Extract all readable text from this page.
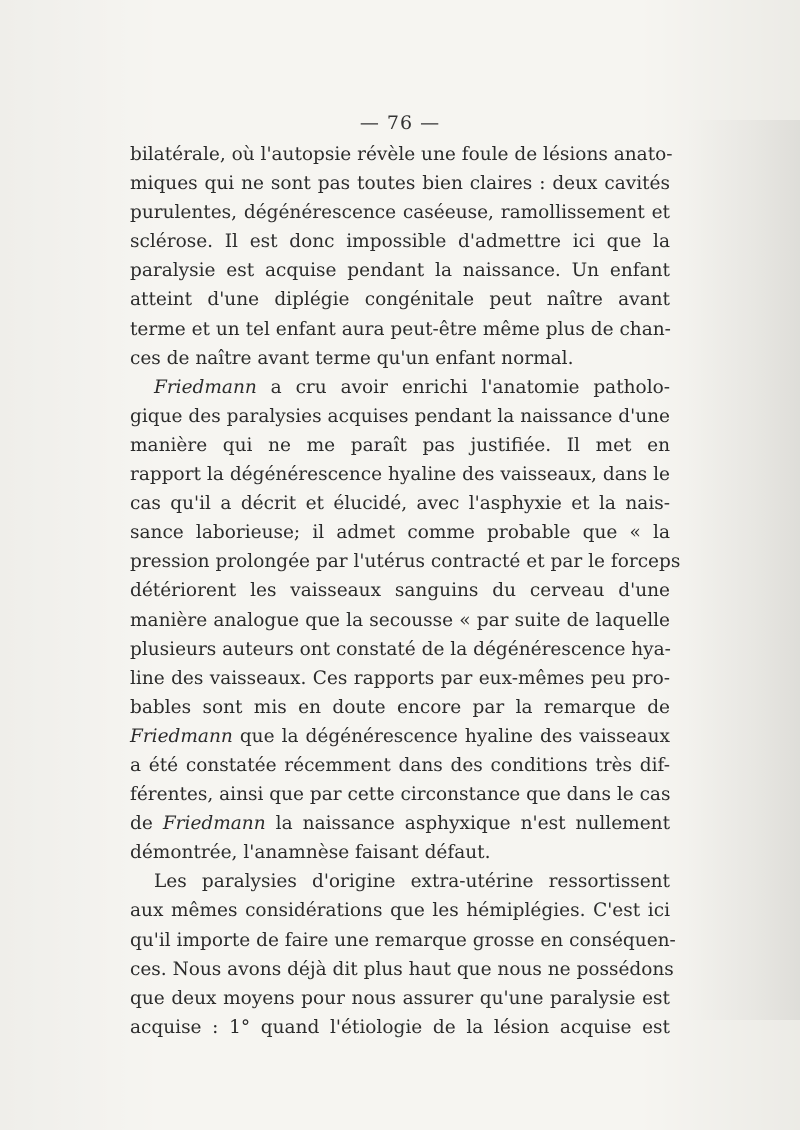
— 76 —
bilatérale, où l'autopsie révèle une foule de lésions anato-
miques qui ne sont pas toutes bien claires : deux cavités
purulentes, dégénérescence caséeuse, ramollissement et
sclérose. Il est donc impossible d'admettre ici que la
paralysie est acquise pendant la naissance. Un enfant
atteint d'une diplégie congénitale peut naître avant
terme et un tel enfant aura peut-être même plus de chan-
ces de naître avant terme qu'un enfant normal.
Friedmann a cru avoir enrichi l'anatomie patholo-
gique des paralysies acquises pendant la naissance d'une
manière qui ne me paraît pas justifiée. Il met en
rapport la dégénérescence hyaline des vaisseaux, dans le
cas qu'il a décrit et élucidé, avec l'asphyxie et la nais-
sance laborieuse; il admet comme probable que « la
pression prolongée par l'utérus contracté et par le forceps
détériorent les vaisseaux sanguins du cerveau d'une
manière analogue que la secousse « par suite de laquelle
plusieurs auteurs ont constaté de la dégénérescence hya-
line des vaisseaux. Ces rapports par eux-mêmes peu pro-
bables sont mis en doute encore par la remarque de
Friedmann que la dégénérescence hyaline des vaisseaux
a été constatée récemment dans des conditions très dif-
férentes, ainsi que par cette circonstance que dans le cas
de Friedmann la naissance asphyxique n'est nullement
démontrée, l'anamnèse faisant défaut.
Les paralysies d'origine extra-utérine ressortissent
aux mêmes considérations que les hémiplégies. C'est ici
qu'il importe de faire une remarque grosse en conséquen-
ces. Nous avons déjà dit plus haut que nous ne possédons
que deux moyens pour nous assurer qu'une paralysie est
acquise : 1° quand l'étiologie de la lésion acquise est
